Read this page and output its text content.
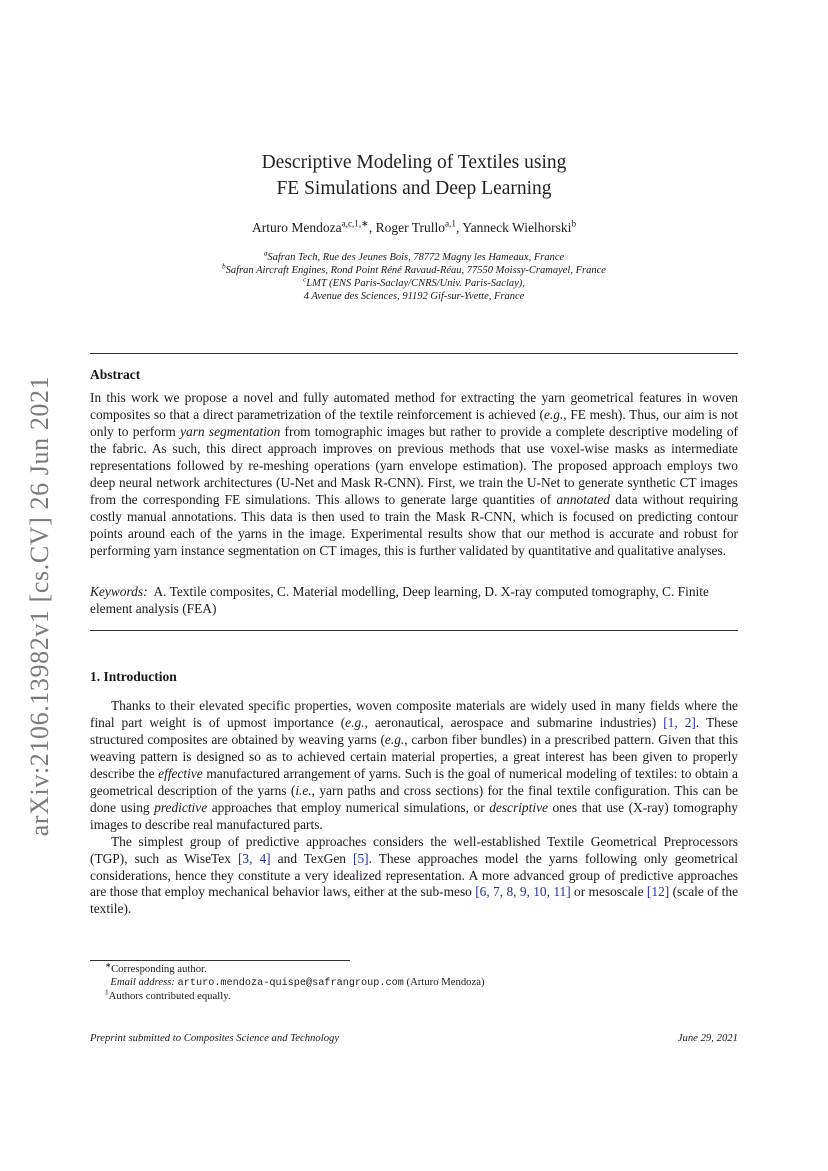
arXiv:2106.13982v1 [cs.CV] 26 Jun 2021
Descriptive Modeling of Textiles using
FE Simulations and Deep Learning
Arturo Mendoza$^{a,c,1,∗}$, Roger Trullo$^{a,1}$, Yanneck Wielhorski$^b$
$^a$Safran Tech, Rue des Jeunes Bois, 78772 Magny les Hameaux, France
$^b$Safran Aircraft Engines, Rond Point Réné Ravaud-Réau, 77550 Moissy-Cramayel, France
$^c$LMT (ENS Paris-Saclay/CNRS/Univ. Paris-Saclay),
4 Avenue des Sciences, 91192 Gif-sur-Yvette, France
Abstract
In this work we propose a novel and fully automated method for extracting the yarn geometrical features in woven composites so that a direct parametrization of the textile reinforcement is achieved (e.g., FE mesh). Thus, our aim is not only to perform yarn segmentation from tomographic images but rather to provide a complete descriptive modeling of the fabric. As such, this direct approach improves on previous methods that use voxel-wise masks as intermediate representations followed by re-meshing operations (yarn envelope estimation). The proposed approach employs two deep neural network architectures (U-Net and Mask R-CNN). First, we train the U-Net to generate synthetic CT images from the corresponding FE simulations. This allows to generate large quantities of annotated data without requiring costly manual annotations. This data is then used to train the Mask R-CNN, which is focused on predicting contour points around each of the yarns in the image. Experimental results show that our method is accurate and robust for performing yarn instance segmentation on CT images, this is further validated by quantitative and qualitative analyses.
Keywords: A. Textile composites, C. Material modelling, Deep learning, D. X-ray computed tomography, C. Finite element analysis (FEA)
1. Introduction

Thanks to their elevated specific properties, woven composite materials are widely used in many fields where the final part weight is of upmost importance (e.g., aeronautical, aerospace and submarine industries) [1, 2]. These structured composites are obtained by weaving yarns (e.g., carbon fiber bundles) in a prescribed pattern. Given that this weaving pattern is designed so as to achieved certain material properties, a great interest has been given to properly describe the effective manufactured arrangement of yarns. Such is the goal of numerical modeling of textiles: to obtain a geometrical description of the yarns (i.e., yarn paths and cross sections) for the final textile configuration. This can be done using predictive approaches that employ numerical simulations, or descriptive ones that use (X-ray) tomography images to describe real manufactured parts.

The simplest group of predictive approaches considers the well-established Textile Geometrical Preprocessors (TGP), such as WiseTex [3, 4] and TexGen [5]. These approaches model the yarns following only geometrical considerations, hence they constitute a very idealized representation. A more advanced group of predictive approaches are those that employ mechanical behavior laws, either at the sub-meso [6, 7, 8, 9, 10, 11] or mesoscale [12] (scale of the textile).

∗Corresponding author.
Email address: arturo.mendoza-quispe@safrangroup.com (Arturo Mendoza)
$^1$Authors contributed equally.
Preprint submitted to Composites Science and Technology	June 29, 2021
